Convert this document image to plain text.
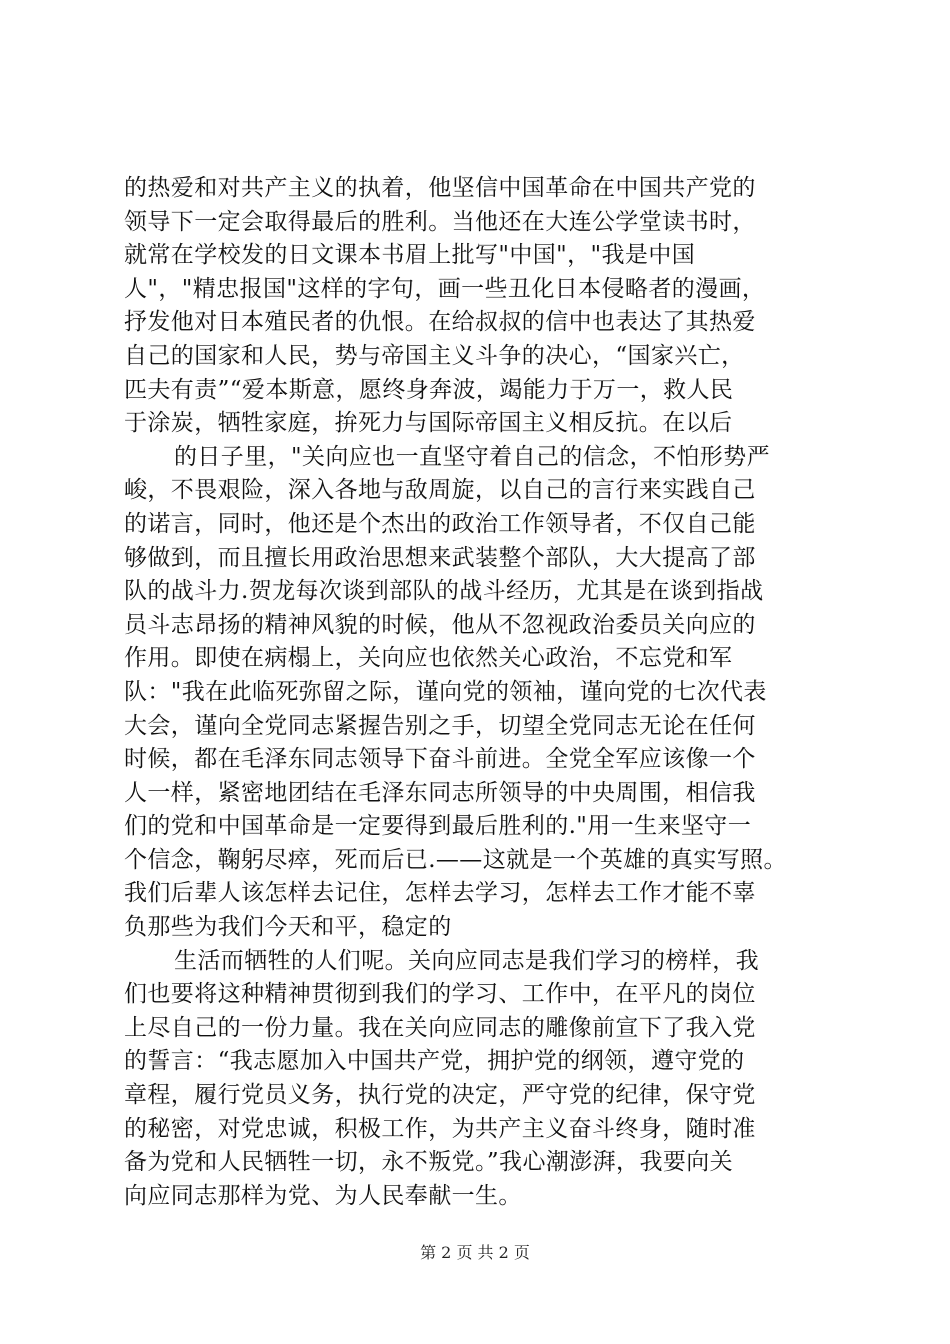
的热爱和对共产主义的执着，他坚信中国革命在中国共产党的
领导下一定会取得最后的胜利。当他还在大连公学堂读书时，
就常在学校发的日文课本书眉上批写"中国"，"我是中国
人"，"精忠报国"这样的字句，画一些丑化日本侵略者的漫画，
抒发他对日本殖民者的仇恨。在给叔叔的信中也表达了其热爱
自己的国家和人民，势与帝国主义斗争的决心，“国家兴亡，
匹夫有责”“爱本斯意，愿终身奔波，竭能力于万一，救人民
于涂炭，牺牲家庭，拚死力与国际帝国主义相反抗。在以后
的日子里，"关向应也一直坚守着自己的信念，不怕形势严
峻，不畏艰险，深入各地与敌周旋，以自己的言行来实践自己
的诺言，同时，他还是个杰出的政治工作领导者，不仅自己能
够做到，而且擅长用政治思想来武装整个部队，大大提高了部
队的战斗力.贺龙每次谈到部队的战斗经历，尤其是在谈到指战
员斗志昂扬的精神风貌的时候，他从不忽视政治委员关向应的
作用。即使在病榻上，关向应也依然关心政治，不忘党和军
队："我在此临死弥留之际，谨向党的领袖，谨向党的七次代表
大会，谨向全党同志紧握告别之手，切望全党同志无论在任何
时候，都在毛泽东同志领导下奋斗前进。全党全军应该像一个
人一样，紧密地团结在毛泽东同志所领导的中央周围，相信我
们的党和中国革命是一定要得到最后胜利的."用一生来坚守一
个信念，鞠躬尽瘁，死而后已.——这就是一个英雄的真实写照。
我们后辈人该怎样去记住，怎样去学习，怎样去工作才能不辜
负那些为我们今天和平，稳定的
生活而牺牲的人们呢。关向应同志是我们学习的榜样，我
们也要将这种精神贯彻到我们的学习、工作中，在平凡的岗位
上尽自己的一份力量。我在关向应同志的雕像前宣下了我入党
的誓言：“我志愿加入中国共产党，拥护党的纲领，遵守党的
章程，履行党员义务，执行党的决定，严守党的纪律，保守党
的秘密，对党忠诚，积极工作，为共产主义奋斗终身，随时准
备为党和人民牺牲一切，永不叛党。”我心潮澎湃，我要向关
向应同志那样为党、为人民奉献一生。
第 2 页 共 2 页
